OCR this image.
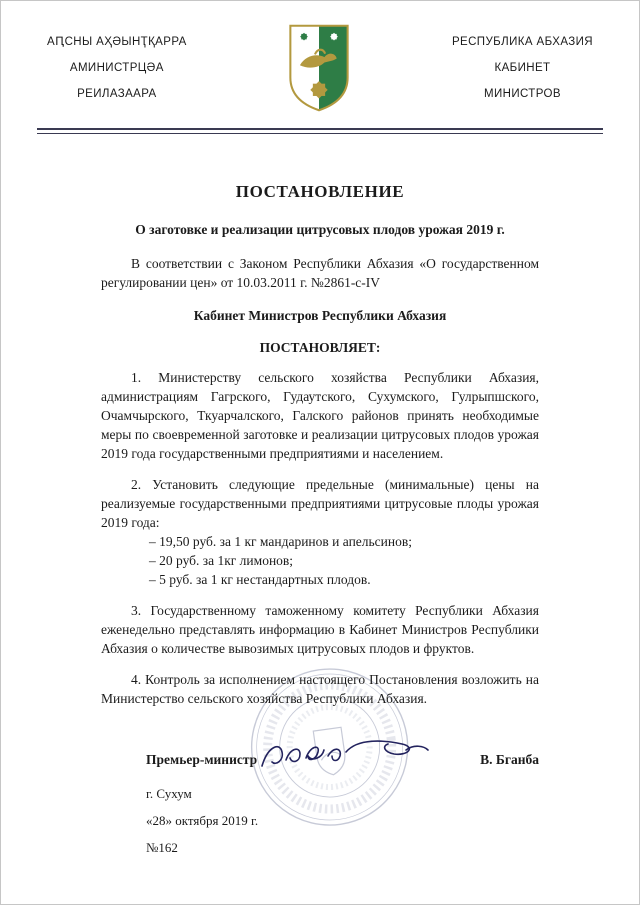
АԤСНЫ АҲӘЫНҬҚАРРА
АМИНИСТРЦӘА
РЕИЛАЗААРА
РЕСПУБЛИКА АБХАЗИЯ
КАБИНЕТ
МИНИСТРОВ
ПОСТАНОВЛЕНИЕ
О заготовке и реализации цитрусовых плодов урожая 2019 г.

В соответствии с Законом Республики Абхазия «О государственном регулировании цен» от 10.03.2011 г. №2861-с-IV

Кабинет Министров Республики Абхазия
ПОСТАНОВЛЯЕТ:

1. Министерству сельского хозяйства Республики Абхазия, администрациям Гагрского, Гудаутского, Сухумского, Гулрыпшского, Очамчырского, Ткуарчалского, Галского районов принять необходимые меры по своевременной заготовке и реализации цитрусовых плодов урожая 2019 года государственными предприятиями и населением.

2. Установить следующие предельные (минимальные) цены на реализуемые государственными предприятиями цитрусовые плоды урожая 2019 года:

– 19,50 руб. за 1 кг мандаринов и апельсинов;
– 20 руб. за 1кг лимонов;
– 5 руб. за 1 кг нестандартных плодов.

3. Государственному таможенному комитету Республики Абхазия еженедельно представлять информацию в Кабинет Министров Республики Абхазия о количестве вывозимых цитрусовых плодов и фруктов.

4. Контроль за исполнением настоящего Постановления возложить на Министерство сельского хозяйства Республики Абхазия.

Премьер-министр	В. Бганба
г. Сухум
«28» октября 2019 г.
№162
